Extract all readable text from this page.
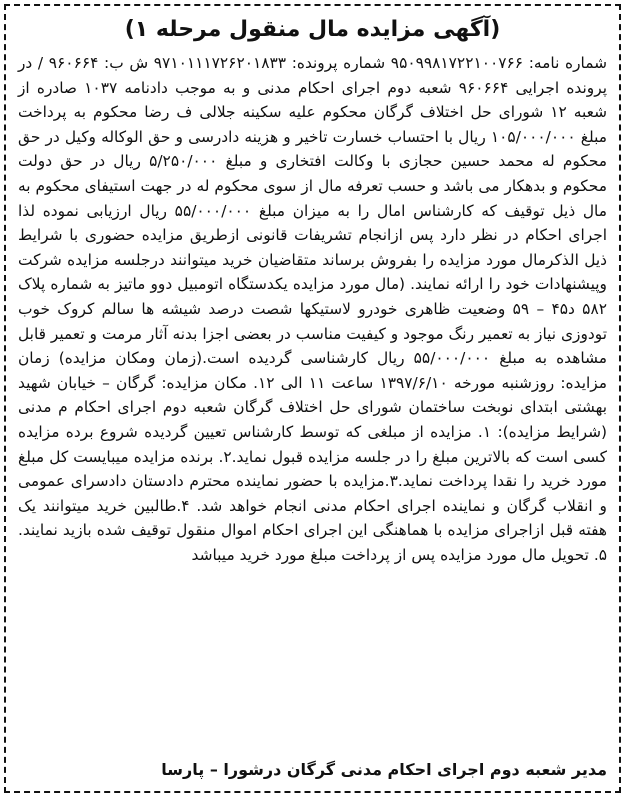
(آگهی مزایده مال منقول مرحله ۱)

شماره نامه: ۹۵۰۹۹۸۱۷۲۲۱۰۰۷۶۶ شماره پرونده: ۹۷۱۰۱۱۱۷۲۶۲۰۱۸۳۳ ش ب: ۹۶۰۶۶۴ / در پرونده اجرایی ۹۶۰۶۶۴ شعبه دوم اجرای احکام مدنی و به موجب دادنامه ۱۰۳۷ صادره از شعبه ۱۲ شورای حل اختلاف گرگان محکوم علیه سکینه جلالی ف رضا محکوم به پرداخت مبلغ ۱۰۵/۰۰۰/۰۰۰ ریال با احتساب خسارت تاخیر و هزینه دادرسی و حق الوکاله وکیل در حق محکوم له محمد حسین حجازی با وکالت افتخاری و مبلغ ۵/۲۵۰/۰۰۰ ریال در حق دولت محکوم و بدهکار می باشد و حسب تعرفه مال از سوی محکوم له در جهت استیفای محکوم به مال ذیل توقیف که کارشناس امال را به میزان مبلغ ۵۵/۰۰۰/۰۰۰ ریال ارزیابی نموده لذا اجرای احکام در نظر دارد پس ازانجام تشریفات قانونی ازطریق مزایده حضوری با شرایط ذیل الذکرمال مورد مزایده را بفروش برساند متقاضیان خرید میتوانند درجلسه مزایده شرکت وپیشنهادات خود را ارائه نمایند. (مال مورد مزایده یکدستگاه اتومبیل دوو ماتیز به شماره پلاک ۵۸۲ د۴۵ – ۵۹ وضعیت ظاهری خودرو لاستیکها شصت درصد شیشه ها سالم کروک خوب تودوزی نیاز به تعمیر رنگ موجود و کیفیت مناسب در بعضی اجزا بدنه آثار مرمت و تعمیر قابل مشاهده به مبلغ ۵۵/۰۰۰/۰۰۰ ریال کارشناسی گردیده است.(زمان ومکان مزایده) زمان مزایده: روزشنبه مورخه ۱۳۹۷/۶/۱۰ ساعت ۱۱ الی ۱۲. مکان مزایده: گرگان – خیابان شهید بهشتی ابتدای نوبخت ساختمان شورای حل اختلاف گرگان شعبه دوم اجرای احکام م مدنی (شرایط مزایده): ۱. مزایده از مبلغی که توسط کارشناس تعیین گردیده شروع برده مزایده کسی است که بالاترین مبلغ را در جلسه مزایده قبول نماید.۲. برنده مزایده میبایست کل مبلغ مورد خرید را نقدا پرداخت نماید.۳.مزایده با حضور نماینده محترم دادستان دادسرای عمومی و انقلاب گرگان و نماینده اجرای احکام مدنی انجام خواهد شد. ۴.طالبین خرید میتوانند یک هفته قبل ازاجرای مزایده با هماهنگی این اجرای احکام اموال منقول توقیف شده بازید نمایند. ۵. تحویل مال مورد مزایده پس از پرداخت مبلغ مورد خرید میباشد

مدیر شعبه دوم اجرای احکام مدنی گرگان درشورا – پارسا
